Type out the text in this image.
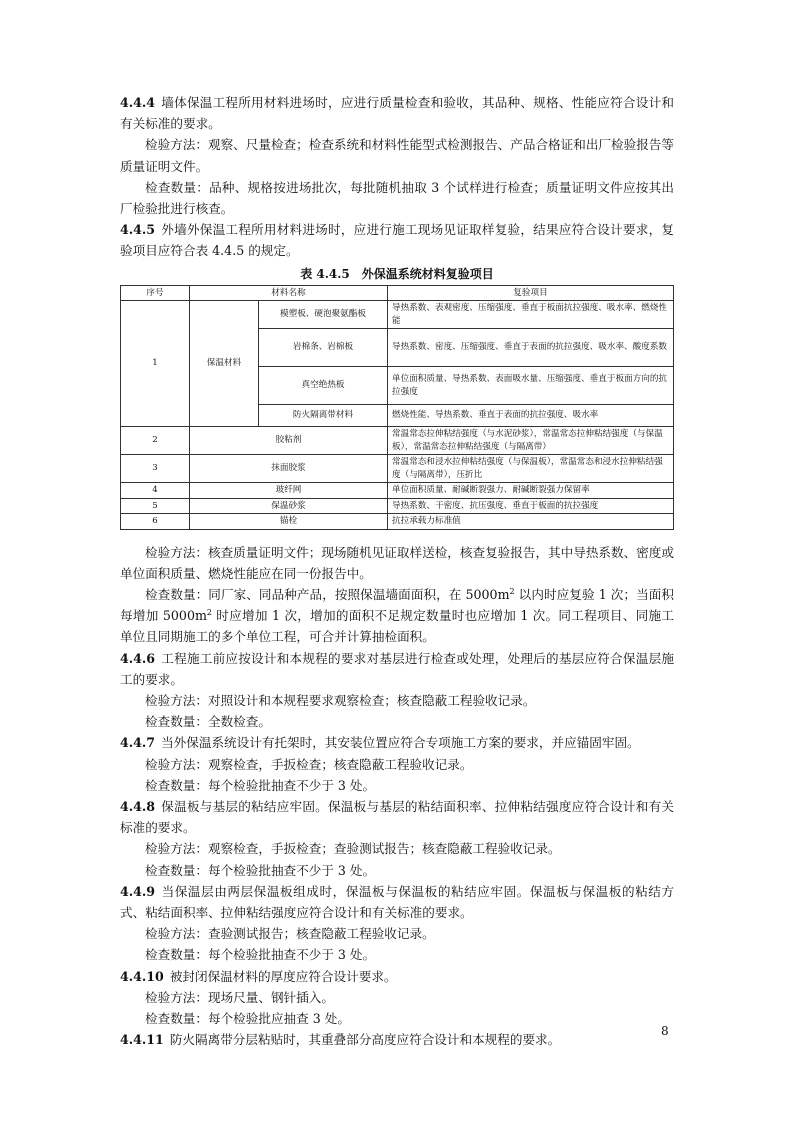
4.4.4 墙体保温工程所用材料进场时，应进行质量检查和验收，其品种、规格、性能应符合设计和有关标准的要求。

检验方法：观察、尺量检查；检查系统和材料性能型式检测报告、产品合格证和出厂检验报告等质量证明文件。

检查数量：品种、规格按进场批次，每批随机抽取 3 个试样进行检查；质量证明文件应按其出厂检验批进行核查。

4.4.5 外墙外保温工程所用材料进场时，应进行施工现场见证取样复验，结果应符合设计要求，复验项目应符合表 4.4.5 的规定。

表 4.4.5　外保温系统材料复验项目
序号	材料名称		复验项目
1	保温材料	模塑板、硬泡聚氨酯板	导热系数、表观密度、压缩强度、垂直于板面抗拉强度、吸水率、燃烧性能
		岩棉条、岩棉板	导热系数、密度、压缩强度、垂直于表面的抗拉强度、吸水率、酸度系数
		真空绝热板	单位面积质量、导热系数、表面吸水量、压缩强度、垂直于板面方向的抗拉强度
		防火隔离带材料	燃烧性能、导热系数、垂直于表面的抗拉强度、吸水率
2	胶粘剂		常温常态拉伸粘结强度（与水泥砂浆），常温常态拉伸粘结强度（与保温板），常温常态拉伸粘结强度（与隔离带）
3	抹面胶浆		常温常态和浸水拉伸粘结强度（与保温板），常温常态和浸水拉伸粘结强度（与隔离带），压折比
4	玻纤网		单位面积质量、耐碱断裂强力、耐碱断裂强力保留率
5	保温砂浆		导热系数、干密度、抗压强度、垂直于板面的抗拉强度
6	锚栓		抗拉承载力标准值

检验方法：核查质量证明文件；现场随机见证取样送检，核查复验报告，其中导热系数、密度或单位面积质量、燃烧性能应在同一份报告中。

检查数量：同厂家、同品种产品，按照保温墙面面积，在 $5000m^2$ 以内时应复验 1 次；当面积每增加 $5000m^2$ 时应增加 1 次，增加的面积不足规定数量时也应增加 1 次。同工程项目、同施工单位且同期施工的多个单位工程，可合并计算抽检面积。

4.4.6 工程施工前应按设计和本规程的要求对基层进行检查或处理，处理后的基层应符合保温层施工的要求。

检验方法：对照设计和本规程要求观察检查；核查隐蔽工程验收记录。

检查数量：全数检查。

4.4.7 当外保温系统设计有托架时，其安装位置应符合专项施工方案的要求，并应锚固牢固。

检验方法：观察检查，手扳检查；核查隐蔽工程验收记录。

检查数量：每个检验批抽查不少于 3 处。

4.4.8 保温板与基层的粘结应牢固。保温板与基层的粘结面积率、拉伸粘结强度应符合设计和有关标准的要求。

检验方法：观察检查，手扳检查；查验测试报告；核查隐蔽工程验收记录。

检查数量：每个检验批抽查不少于 3 处。

4.4.9 当保温层由两层保温板组成时，保温板与保温板的粘结应牢固。保温板与保温板的粘结方式、粘结面积率、拉伸粘结强度应符合设计和有关标准的要求。

检验方法：查验测试报告；核查隐蔽工程验收记录。

检查数量：每个检验批抽查不少于 3 处。

4.4.10 被封闭保温材料的厚度应符合设计要求。

检验方法：现场尺量、钢针插入。

检查数量：每个检验批应抽查 3 处。

4.4.11 防火隔离带分层粘贴时，其重叠部分高度应符合设计和本规程的要求。

8
